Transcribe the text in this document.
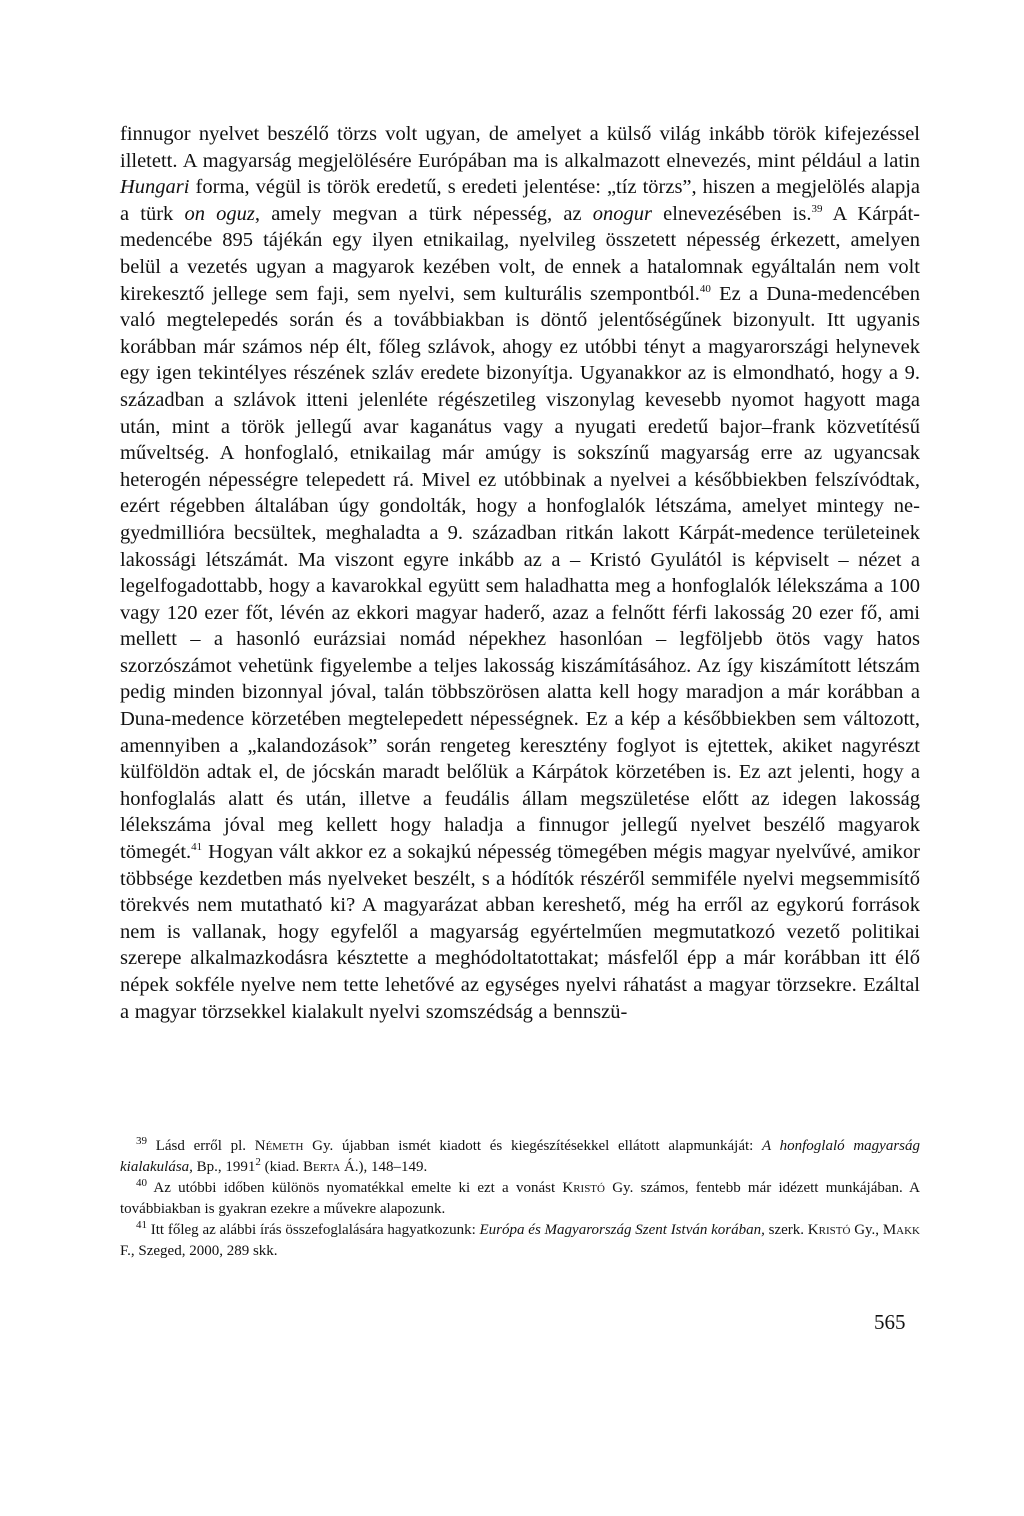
finnugor nyelvet beszélő törzs volt ugyan, de amelyet a külső világ inkább török kifejezéssel illetett. A magyarság megjelölésére Európában ma is alkalmazott elnevezés, mint például a latin Hungari forma, végül is török eredetű, s eredeti jelentése: „tíz törzs”, hiszen a megjelölés alapja a türk on oguz, amely megvan a türk népesség, az onogur elnevezésében is.$^{39}$ A Kárpát-medencébe 895 tájékán egy ilyen etnikailag, nyelvileg összetett népesség érkezett, amelyen belül a vezetés ugyan a magyarok kezében volt, de ennek a hatalomnak egyáltalán nem volt kirekesztő jellege sem faji, sem nyelvi, sem kulturális szempontból.$^{40}$ Ez a Duna-medencében való megtelepedés során és a továbbiakban is döntő jelentőségűnek bizonyult. Itt ugyanis korábban már számos nép élt, főleg szlávok, ahogy ez utóbbi tényt a magyarországi helynevek egy igen tekintélyes részének szláv eredete bizonyítja. Ugyanakkor az is elmondható, hogy a 9. században a szlávok itteni jelenléte régészetileg viszonylag kevesebb nyomot hagyott maga után, mint a török jellegű avar kaganátus vagy a nyugati eredetű bajor–frank közvetítésű műveltség. A honfoglaló, etnikailag már amúgy is sokszínű magyarság erre az ugyancsak heterogén népességre telepedett rá. Mivel ez utóbbinak a nyelvei a későbbiekben felszívódtak, ezért régebben általában úgy gondolták, hogy a honfoglalók létszáma, amelyet mintegy negyedmillióra becsültek, meghaladta a 9. században ritkán lakott Kárpát-medence területeinek lakossági létszámát. Ma viszont egyre inkább az a – Kristó Gyulától is képviselt – nézet a legelfogadottabb, hogy a kavarokkal együtt sem haladhatta meg a honfoglalók lélekszáma a 100 vagy 120 ezer főt, lévén az ekkori magyar haderő, azaz a felnőtt férfi lakosság 20 ezer fő, ami mellett – a hasonló eurázsiai nomád népekhez hasonlóan – legföljebb ötös vagy hatos szorzószámot vehetünk figyelembe a teljes lakosság kiszámításához. Az így kiszámított létszám pedig minden bizonnyal jóval, talán többszörösen alatta kell hogy maradjon a már korábban a Duna-medence körzetében megtelepedett népességnek. Ez a kép a későbbiekben sem változott, amennyiben a „kalandozások” során rengeteg keresztény foglyot is ejtettek, akiket nagyrészt külföldön adtak el, de jócskán maradt belőlük a Kárpátok körzetében is. Ez azt jelenti, hogy a honfoglalás alatt és után, illetve a feudális állam megszületése előtt az idegen lakosság lélekszáma jóval meg kellett hogy haladja a finnugor jellegű nyelvet beszélő magyarok tömegét.$^{41}$ Hogyan vált akkor ez a sokajkú népesség tömegében mégis magyar nyelvűvé, amikor többsége kezdetben más nyelveket beszélt, s a hódítók részéről semmiféle nyelvi megsemmisítő törekvés nem mutatható ki? A magyarázat abban kereshető, még ha erről az egykorú források nem is vallanak, hogy egyfelől a magyarság egyértelműen megmutatkozó vezető politikai szerepe alkalmazkodásra késztette a meghódoltatottakat; másfelől épp a már korábban itt élő népek sokféle nyelve nem tette lehetővé az egységes nyelvi ráhatást a magyar törzsekre. Ezáltal a magyar törzsekkel kialakult nyelvi szomszédság a bennszü-

$^{39}$ Lásd erről pl. Németh Gy. újabban ismét kiadott és kiegészítésekkel ellátott alapmunkáját: A honfoglaló magyarság kialakulása, Bp., 1991$^2$ (kiad. Berta Á.), 148–149.

$^{40}$ Az utóbbi időben különös nyomatékkal emelte ki ezt a vonást Kristó Gy. számos, fentebb már idézett munkájában. A továbbiakban is gyakran ezekre a művekre alapozunk.

$^{41}$ Itt főleg az alábbi írás összefoglalására hagyatkozunk: Európa és Magyarország Szent István korában, szerk. Kristó Gy., Makk F., Szeged, 2000, 289 skk.

565
